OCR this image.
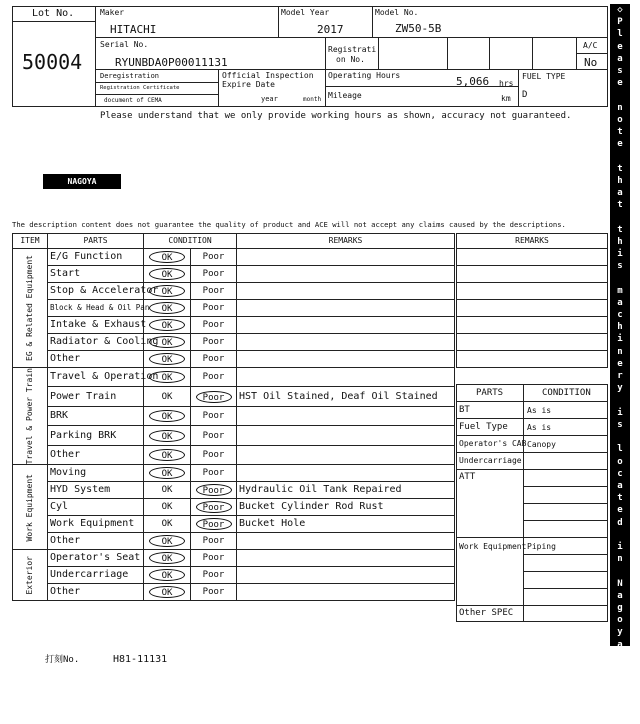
Lot No.
50004
Maker
HITACHI
Model Year
2017
Model No.
ZW50-5B
Serial No.
RYUNBDA0P00011131
Registrati
on No.
A/C
No
Deregistration
Registration Certificate
document of CEMA
Official Inspection
Expire Date
year	month
Operating Hours	5,066 hrs
Mileage	km
FUEL TYPE
D
Please understand that we only provide working hours as shown, accuracy not guaranteed.
NAGOYA
The description content does not guarantee the quality of product and ACE will not accept any claims caused by the descriptions.
ITEM	PARTS	CONDITION		REMARKS

EG & Related Equipment	E/G Function	OK	Poor	
	Start	OK	Poor	
	Stop & Accelerator	OK	Poor	
	Block & Head & Oil Pan	OK	Poor	
	Intake & Exhaust	OK	Poor	
	Radiator & Cooling	OK	Poor	
	Other	OK	Poor	

Travel & Power Train	Travel & Operation	OK	Poor	
	Power Train	OK	Poor	HST Oil Stained, Deaf Oil Stained
	BRK	OK	Poor	
	Parking BRK	OK	Poor	
	Other	OK	Poor	

Work Equipment	Moving	OK	Poor	
	HYD System	OK	Poor	Hydraulic Oil Tank Repaired
	Cyl	OK	Poor	Bucket Cylinder Rod Rust
	Work Equipment	OK	Poor	Bucket Hole
	Other	OK	Poor	

Exterior	Operator's Seat	OK	Poor	
	Undercarriage	OK	Poor	
	Other	OK	Poor	
REMARKS

PARTS	CONDITION
BT	As is
Fuel Type As is
Operator's CAB Canopy
Undercarriage
ATT
Work Equipment Piping
Other SPEC
打刻No.	H81-11131
◇
P
l
e
a
s
e

n
o
t
e

t
h
a
t

t
h
i
s

m
a
c
h
i
n
e
r
y

i
s

l
o
c
a
t
e
d

i
n

N
a
g
o
y
a

Y
a
r
d
◇
